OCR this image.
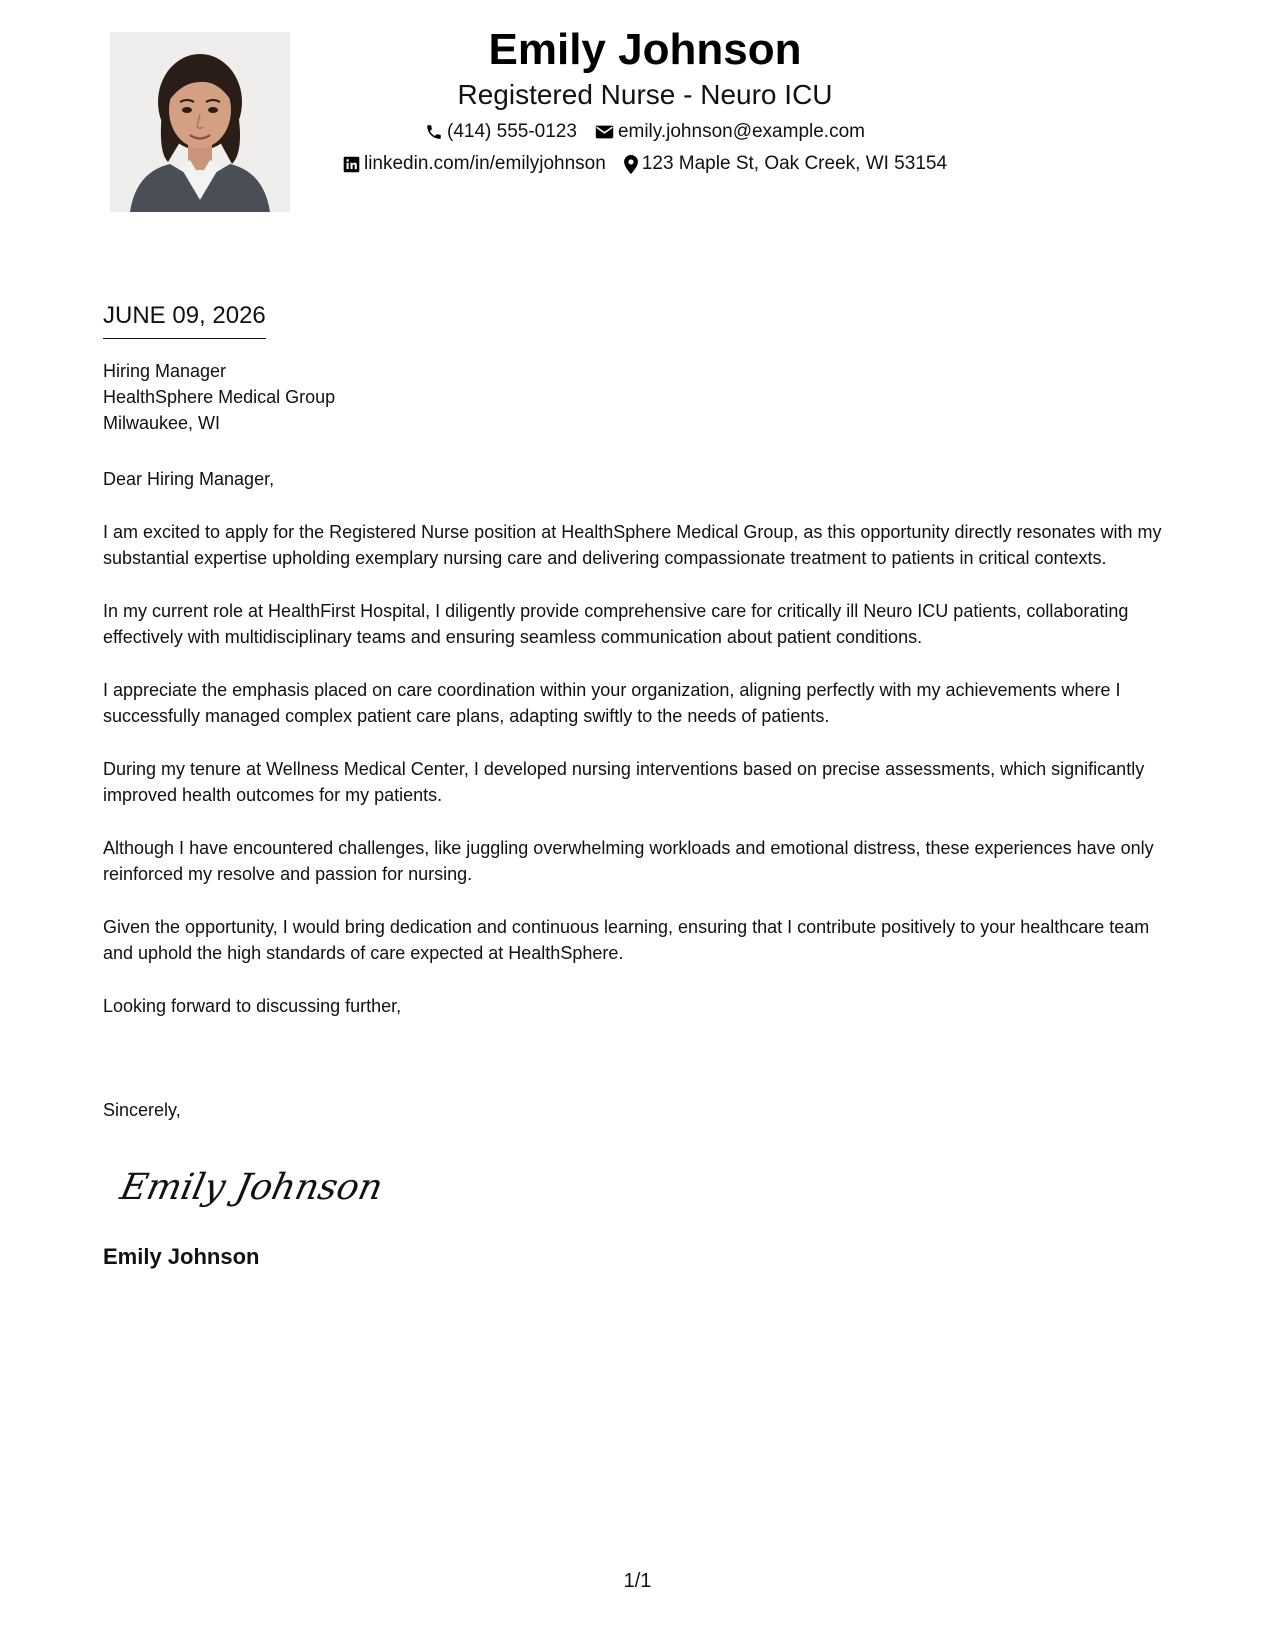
Emily Johnson
Registered Nurse - Neuro ICU
(414) 555-0123 emily.johnson@example.com
linkedin.com/in/emilyjohnson 123 Maple St, Oak Creek, WI 53154
JUNE 09, 2026
Hiring Manager
HealthSphere Medical Group
Milwaukee, WI

Dear Hiring Manager,

I am excited to apply for the Registered Nurse position at HealthSphere Medical Group, as this opportunity directly resonates with my substantial expertise upholding exemplary nursing care and delivering compassionate treatment to patients in critical contexts.

In my current role at HealthFirst Hospital, I diligently provide comprehensive care for critically ill Neuro ICU patients, collaborating effectively with multidisciplinary teams and ensuring seamless communication about patient conditions.

I appreciate the emphasis placed on care coordination within your organization, aligning perfectly with my achievements where I successfully managed complex patient care plans, adapting swiftly to the needs of patients.

During my tenure at Wellness Medical Center, I developed nursing interventions based on precise assessments, which significantly improved health outcomes for my patients.

Although I have encountered challenges, like juggling overwhelming workloads and emotional distress, these experiences have only reinforced my resolve and passion for nursing.

Given the opportunity, I would bring dedication and continuous learning, ensuring that I contribute positively to your healthcare team and uphold the high standards of care expected at HealthSphere.

Looking forward to discussing further,

Sincerely,
Emily Johnson
Emily Johnson
1/1
